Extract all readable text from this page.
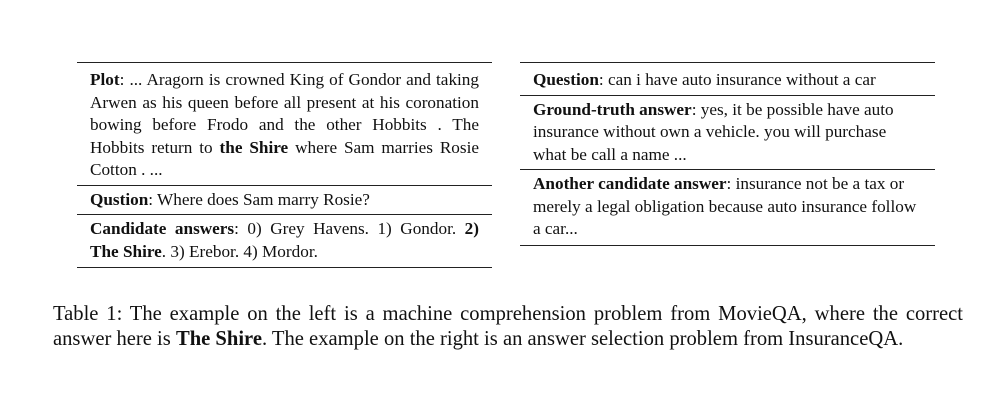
Plot: ... Aragorn is crowned King of Gondor and taking Arwen as his queen before all present at his coronation bowing before Frodo and the other Hobbits . The Hobbits return to the Shire where Sam marries Rosie Cotton . ...
Qustion: Where does Sam marry Rosie?
Candidate answers: 0) Grey Havens. 1) Gondor. 2) The Shire. 3) Erebor. 4) Mordor.
Question: can i have auto insurance without a car
Ground-truth answer: yes, it be possible have auto insurance without own a vehicle. you will purchase what be call a name ...
Another candidate answer: insurance not be a tax or merely a legal obligation because auto insurance follow a car...
Table 1: The example on the left is a machine comprehension problem from MovieQA, where the correct answer here is The Shire. The example on the right is an answer selection problem from InsuranceQA.
